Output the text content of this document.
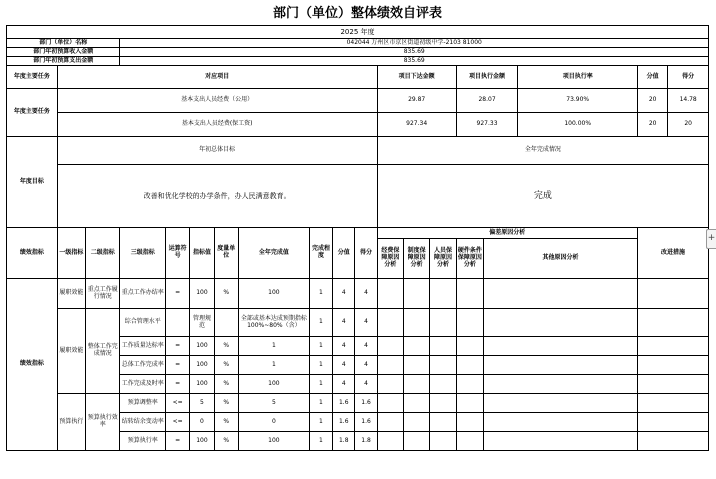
部门（单位）整体绩效自评表																		
2025 年度																		
部门（单位）名称			042044 万州区市京区街道初级中学-2103 81000															
部门年初预算收入金额			835.69															
部门年初预算支出金额			835.69															
年度主要任务	对应项目										项目下达金额			项目执行金额		项目执行率	分值	得分
年度主要任务	基本支出人员经费（公用）										29.87			28.07		73.90%	20	14.78
	基本支出人员经费(保工资)										927.34			927.33		100.00%	20	20
年度目标	年初总体目标										全年完成情况							
	改善和优化学校的办学条件，办人民满意教育。										完成							
绩效指标	一级指标	二级指标	三级指标	运算符号	指标值	度量单位	全年完成值	完成程度	分值	得分	偏差原因分析						改进措施	
											经费保障原因分析	制度保障原因分析	人员保障原因分析	硬件条件保障原因分析	其他原因分析			
绩效指标	履职效能	重点工作履行情况	重点工作办结率	=	100	%	100	1	4	4								
	履职效能	整体工作完成情况	综合管理水平		管理规范		全部或基本达成预期指标 100%~80%（含）	1	4	4								
			工作质量达标率	=	100	%	1	1	4	4								
			总体工作完成率	=	100	%	1	1	4	4								
			工作完成及时率	=	100	%	100	1	4	4								
	预算执行	预算执行效率	预算调整率	<=	5	%	5	1	1.6	1.6								
			结转结余变动率	<=	0	%	0	1	1.6	1.6								
			预算执行率	=	100	%	100	1	1.8	1.8								
+
